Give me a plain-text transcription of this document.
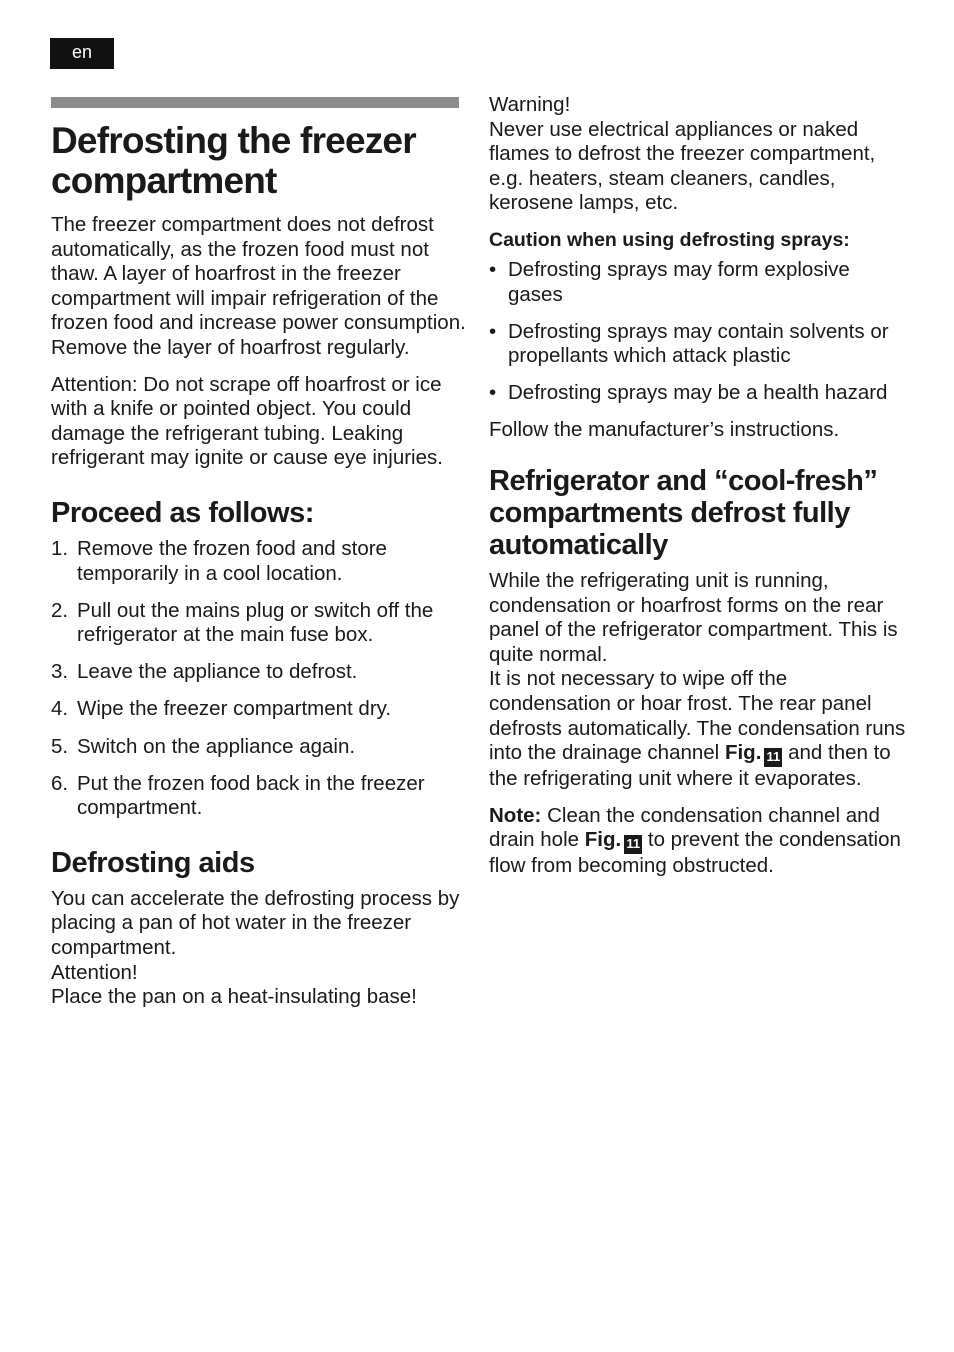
en
Defrosting the freezer compartment

The freezer compartment does not defrost automatically, as the frozen food must not thaw. A layer of hoarfrost in the freezer compartment will impair refrigeration of the frozen food and increase power consumption. Remove the layer of hoarfrost regularly.

Attention: Do not scrape off hoarfrost or ice with a knife or pointed object. You could damage the refrigerant tubing. Leaking refrigerant may ignite or cause eye injuries.

Proceed as follows:
1. Remove the frozen food and store temporarily in a cool location.
2. Pull out the mains plug or switch off the refrigerator at the main fuse box.
3. Leave the appliance to defrost.
4. Wipe the freezer compartment dry.
5. Switch on the appliance again.
6. Put the frozen food back in the freezer compartment.
Defrosting aids

You can accelerate the defrosting process by placing a pan of hot water in the freezer compartment.

Attention!

Place the pan on a heat-insulating base!

Warning!

Never use electrical appliances or naked flames to defrost the freezer compartment, e.g. heaters, steam cleaners, candles, kerosene lamps, etc.

Caution when using defrosting sprays:

• Defrosting sprays may form explosive gases
• Defrosting sprays may contain solvents or propellants which attack plastic
• Defrosting sprays may be a health hazard

Follow the manufacturer’s instructions.

Refrigerator and “cool-fresh” compartments defrost fully automatically

While the refrigerating unit is running, condensation or hoarfrost forms on the rear panel of the refrigerator compartment. This is quite normal.

It is not necessary to wipe off the condensation or hoar frost. The rear panel defrosts automatically. The condensation runs into the drainage channel Fig. 11 and then to the refrigerating unit where it evaporates.

Note: Clean the condensation channel and drain hole Fig. 11 to prevent the condensation flow from becoming obstructed.
